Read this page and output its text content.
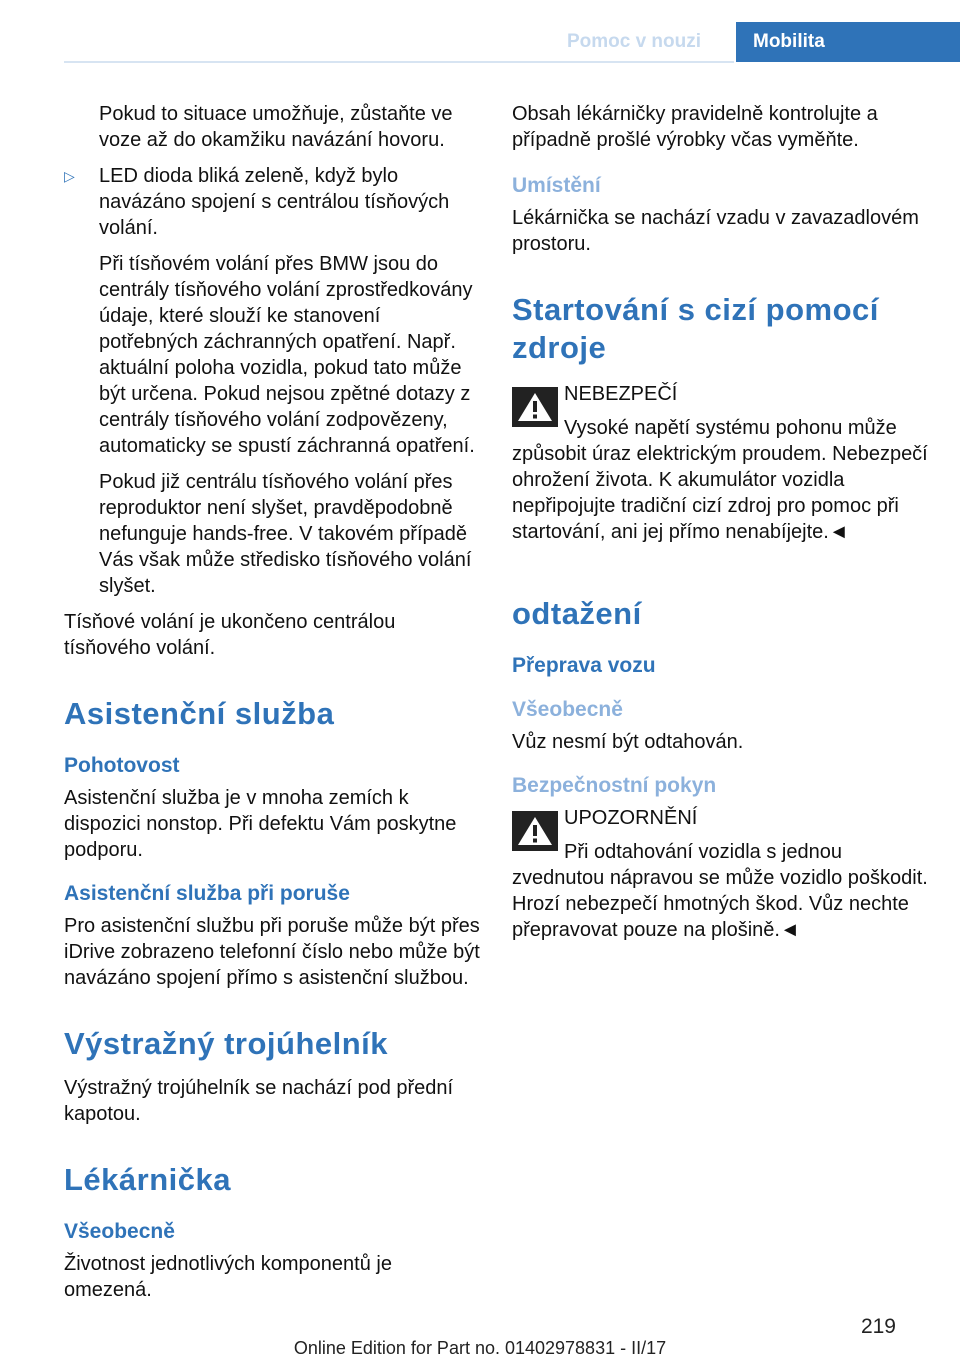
Pomoc v nouzi	Mobilita

Pokud to situace umožňuje, zůstaňte ve voze až do okamžiku navázání hovoru.

▷ LED dioda bliká zeleně, když bylo navázáno spojení s centrálou tísňových volání.

Při tísňovém volání přes BMW jsou do centrály tísňového volání zprostředkovány údaje, které slouží ke stanovení potřebných záchranných opatření. Např. aktuální poloha vozidla, pokud tato může být určena. Pokud nejsou zpětné dotazy z centrály tísňového volání zodpovězeny, automaticky se spustí záchranná opatření.

Pokud již centrálu tísňového volání přes reproduktor není slyšet, pravděpodobně nefunguje hands-free. V takovém případě Vás však může středisko tísňového volání slyšet.

Tísňové volání je ukončeno centrálou tísňového volání.

Asistenční služba
Pohotovost

Asistenční služba je v mnoha zemích k dispozici nonstop. Při defektu Vám poskytne podporu.

Asistenční služba při poruše

Pro asistenční službu při poruše může být přes iDrive zobrazeno telefonní číslo nebo může být navázáno spojení přímo s asistenční službou.

Výstražný trojúhelník

Výstražný trojúhelník se nachází pod přední kapotou.

Lékárnička
Všeobecně

Životnost jednotlivých komponentů je omezená.

Obsah lékárničky pravidelně kontrolujte a případně prošlé výrobky včas vyměňte.

Umístění

Lékárnička se nachází vzadu v zavazadlovém prostoru.

Startování s cizí pomocí zdroje
NEBEZPEČÍ
Vysoké napětí systému pohonu může způsobit úraz elektrickým proudem. Nebezpečí ohrožení života. K akumulátor vozidla nepřipojujte tradiční cizí zdroj pro pomoc při startování, ani jej přímo nenabíjejte.◄
odtažení
Přeprava vozu
Všeobecně

Vůz nesmí být odtahován.

Bezpečnostní pokyn
UPOZORNĚNÍ
Při odtahování vozidla s jednou zvednutou nápravou se může vozidlo poškodit. Hrozí nebezpečí hmotných škod. Vůz nechte přepravovat pouze na plošině.◄
219
Online Edition for Part no. 01402978831 - II/17
